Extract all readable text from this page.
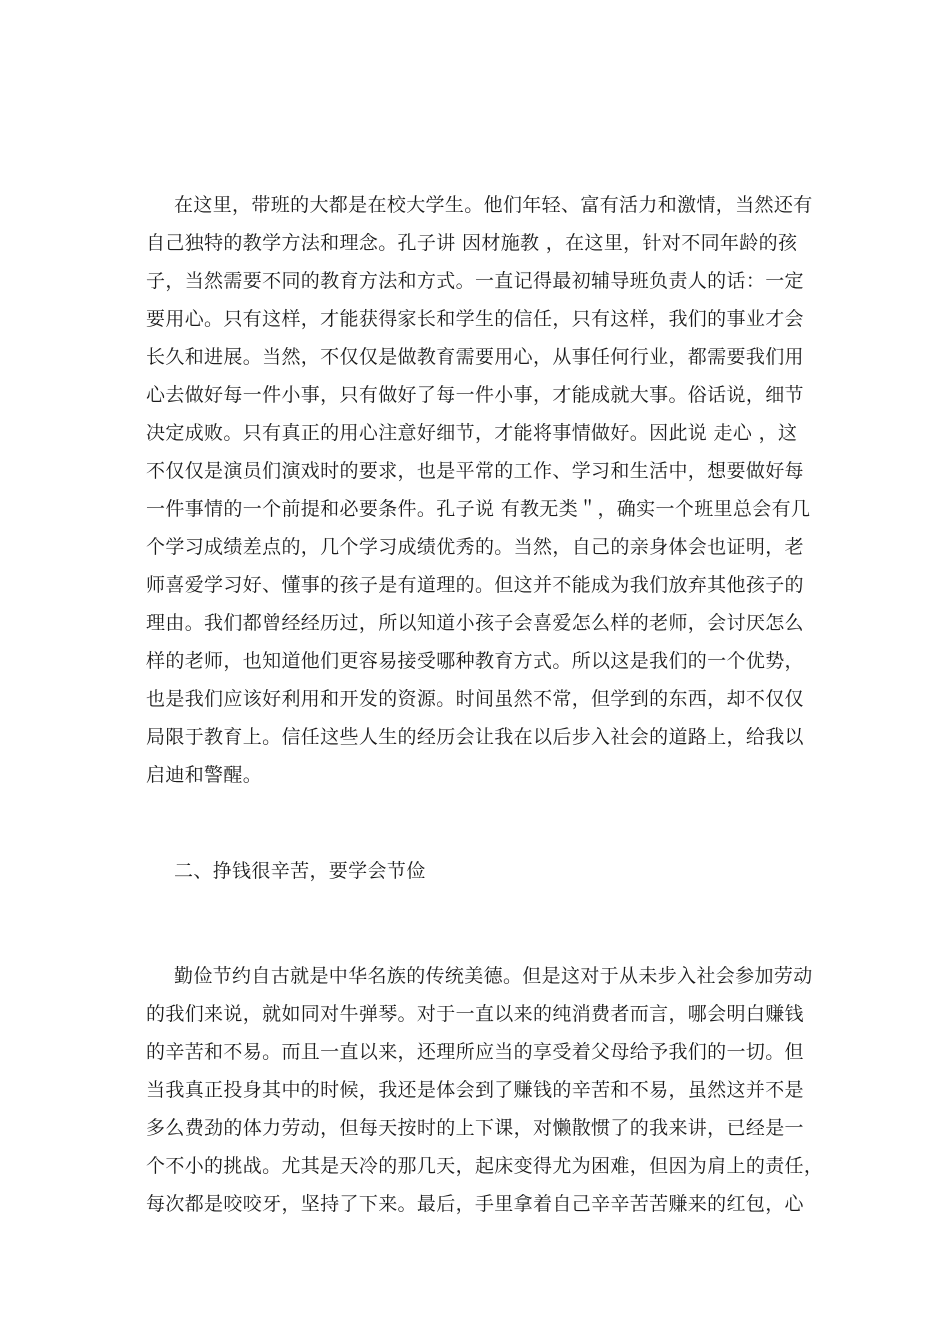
在这里，带班的大都是在校大学生。他们年轻、富有活力和激情，当然还有
自己独特的教学方法和理念。孔子讲 因材施教 ，在这里，针对不同年龄的孩
子，当然需要不同的教育方法和方式。一直记得最初辅导班负责人的话：一定
要用心。只有这样，才能获得家长和学生的信任，只有这样，我们的事业才会
长久和进展。当然，不仅仅是做教育需要用心，从事任何行业，都需要我们用
心去做好每一件小事，只有做好了每一件小事，才能成就大事。俗话说，细节
决定成败。只有真正的用心注意好细节，才能将事情做好。因此说 走心 ，这
不仅仅是演员们演戏时的要求，也是平常的工作、学习和生活中，想要做好每
一件事情的一个前提和必要条件。孔子说 有教无类＂，确实一个班里总会有几
个学习成绩差点的，几个学习成绩优秀的。当然，自己的亲身体会也证明，老
师喜爱学习好、懂事的孩子是有道理的。但这并不能成为我们放弃其他孩子的
理由。我们都曾经经历过，所以知道小孩子会喜爱怎么样的老师，会讨厌怎么
样的老师，也知道他们更容易接受哪种教育方式。所以这是我们的一个优势，
也是我们应该好利用和开发的资源。时间虽然不常，但学到的东西，却不仅仅
局限于教育上。信任这些人生的经历会让我在以后步入社会的道路上，给我以
启迪和警醒。
二、挣钱很辛苦，要学会节俭
勤俭节约自古就是中华名族的传统美德。但是这对于从未步入社会参加劳动
的我们来说，就如同对牛弹琴。对于一直以来的纯消费者而言，哪会明白赚钱
的辛苦和不易。而且一直以来，还理所应当的享受着父母给予我们的一切。但
当我真正投身其中的时候，我还是体会到了赚钱的辛苦和不易，虽然这并不是
多么费劲的体力劳动，但每天按时的上下课，对懒散惯了的我来讲，已经是一
个不小的挑战。尤其是天冷的那几天，起床变得尤为困难，但因为肩上的责任，
每次都是咬咬牙，坚持了下来。最后，手里拿着自己辛辛苦苦赚来的红包，心
